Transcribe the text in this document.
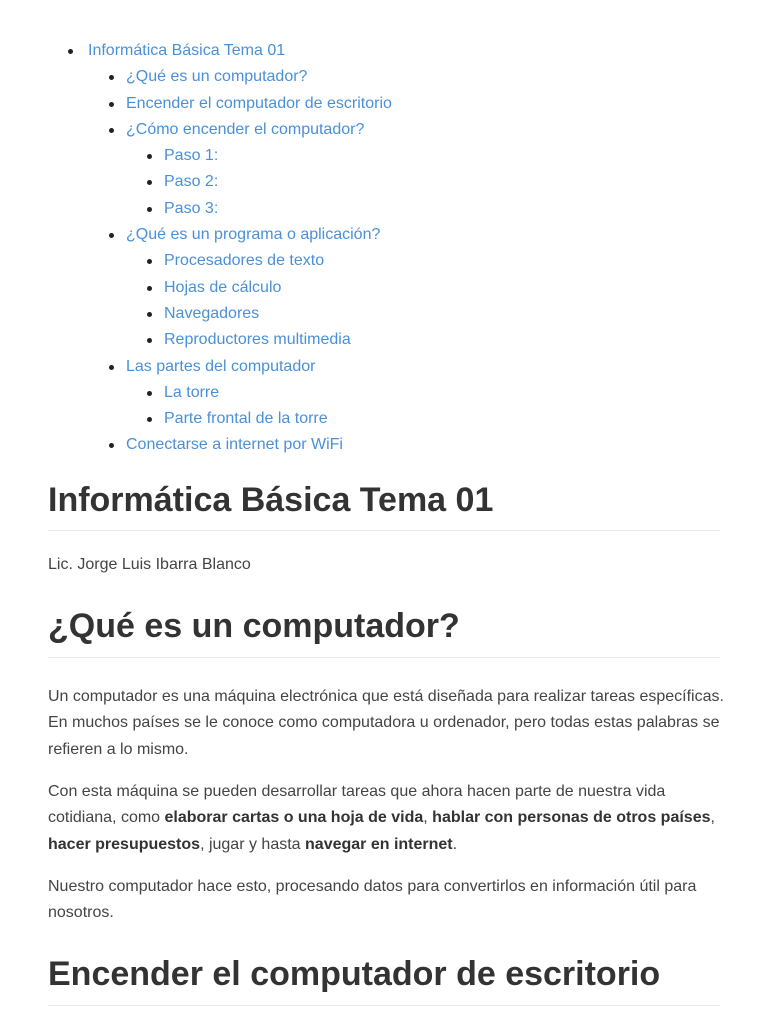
• Informática Básica Tema 01
• ¿Qué es un computador?
• Encender el computador de escritorio
• ¿Cómo encender el computador?
• Paso 1:
• Paso 2:
• Paso 3:
• ¿Qué es un programa o aplicación?
• Procesadores de texto
• Hojas de cálculo
• Navegadores
• Reproductores multimedia
• Las partes del computador
• La torre
• Parte frontal de la torre
• Conectarse a internet por WiFi
Informática Básica Tema 01

Lic. Jorge Luis Ibarra Blanco

¿Qué es un computador?

Un computador es una máquina electrónica que está diseñada para realizar tareas específicas. En muchos países se le conoce como computadora u ordenador, pero todas estas palabras se refieren a lo mismo.

Con esta máquina se pueden desarrollar tareas que ahora hacen parte de nuestra vida cotidiana, como elaborar cartas o una hoja de vida, hablar con personas de otros países, hacer presupuestos, jugar y hasta navegar en internet.

Nuestro computador hace esto, procesando datos para convertirlos en información útil para nosotros.

Encender el computador de escritorio
